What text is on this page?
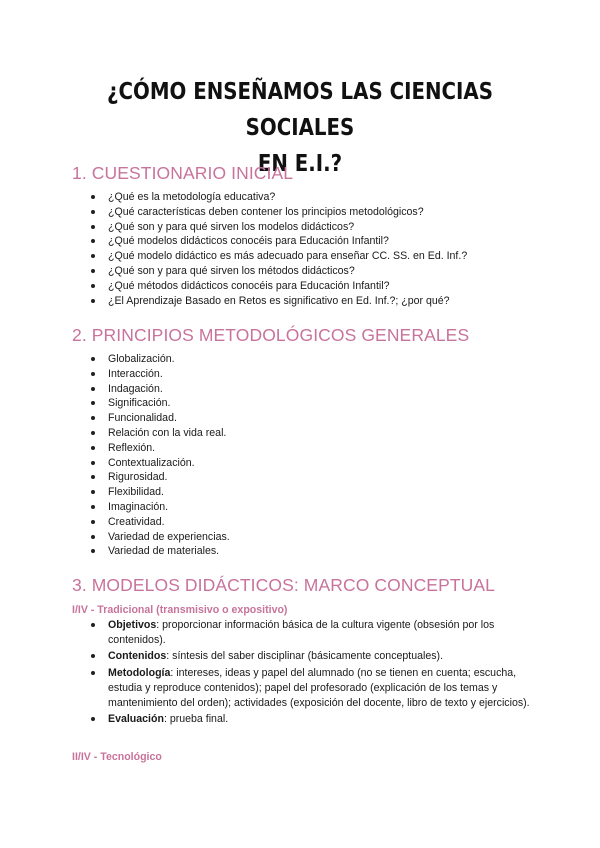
¿CÓMO ENSEÑAMOS LAS CIENCIAS SOCIALES
EN E.I.?
1. CUESTIONARIO INICIAL
¿Qué es la metodología educativa?
¿Qué características deben contener los principios metodológicos?
¿Qué son y para qué sirven los modelos didácticos?
¿Qué modelos didácticos conocéis para Educación Infantil?
¿Qué modelo didáctico es más adecuado para enseñar CC. SS. en Ed. Inf.?
¿Qué son y para qué sirven los métodos didácticos?
¿Qué métodos didácticos conocéis para Educación Infantil?
¿El Aprendizaje Basado en Retos es significativo en Ed. Inf.?; ¿por qué?
2. PRINCIPIOS METODOLÓGICOS GENERALES
Globalización.
Interacción.
Indagación.
Significación.
Funcionalidad.
Relación con la vida real.
Reflexión.
Contextualización.
Rigurosidad.
Flexibilidad.
Imaginación.
Creatividad.
Variedad de experiencias.
Variedad de materiales.
3. MODELOS DIDÁCTICOS: MARCO CONCEPTUAL
I/IV - Tradicional (transmisivo o expositivo)
Objetivos: proporcionar información básica de la cultura vigente (obsesión por los contenidos).
Contenidos: síntesis del saber disciplinar (básicamente conceptuales).
Metodología: intereses, ideas y papel del alumnado (no se tienen en cuenta; escucha, estudia y reproduce contenidos); papel del profesorado (explicación de los temas y mantenimiento del orden); actividades (exposición del docente, libro de texto y ejercicios).
Evaluación: prueba final.
II/IV - Tecnológico
